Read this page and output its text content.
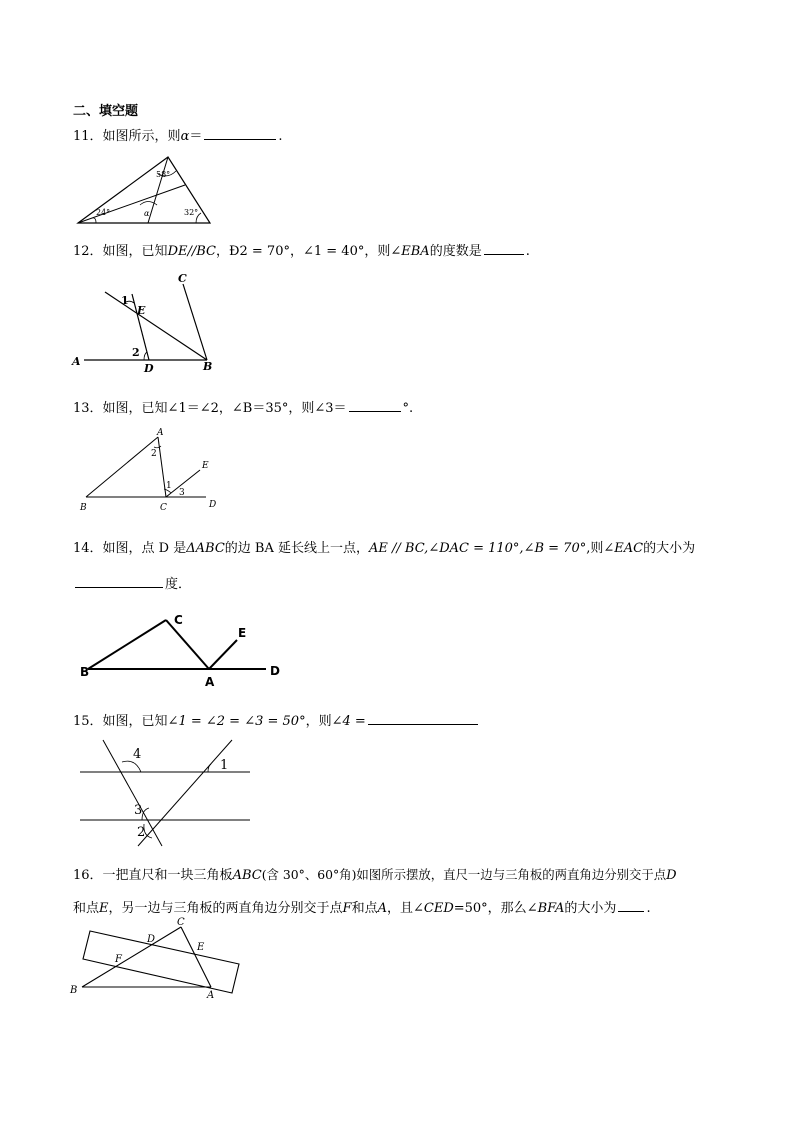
二、填空题
11．如图所示，则α＝	.
58°
24°	32°
α
12．如图，已知DE//BC，Ð2 = 70°，∠1 = 40°，则∠EBA的度数是	.
C
E
1
2
A
D	B
13．如图，已知∠1＝∠2，∠B＝35°，则∠3＝	°.
A
2
E
1
3
B	C	D
14．如图，点 D 是ΔABC的边 BA 延长线上一点，AE // BC,∠DAC = 110°,∠B = 70°,则∠EAC的大小为
度．
C
E
B
A
D
15．如图，已知∠1 = ∠2 = ∠3 = 50°，则∠4 =
4
1
3
2
16．一把直尺和一块三角板ABC(含 30°、60°角)如图所示摆放，直尺一边与三角板的两直角边分别交于点D
和点E，另一边与三角板的两直角边分别交于点F和点A，且∠CED=50°，那么∠BFA的大小为 .
C
D
E
F
B	A
